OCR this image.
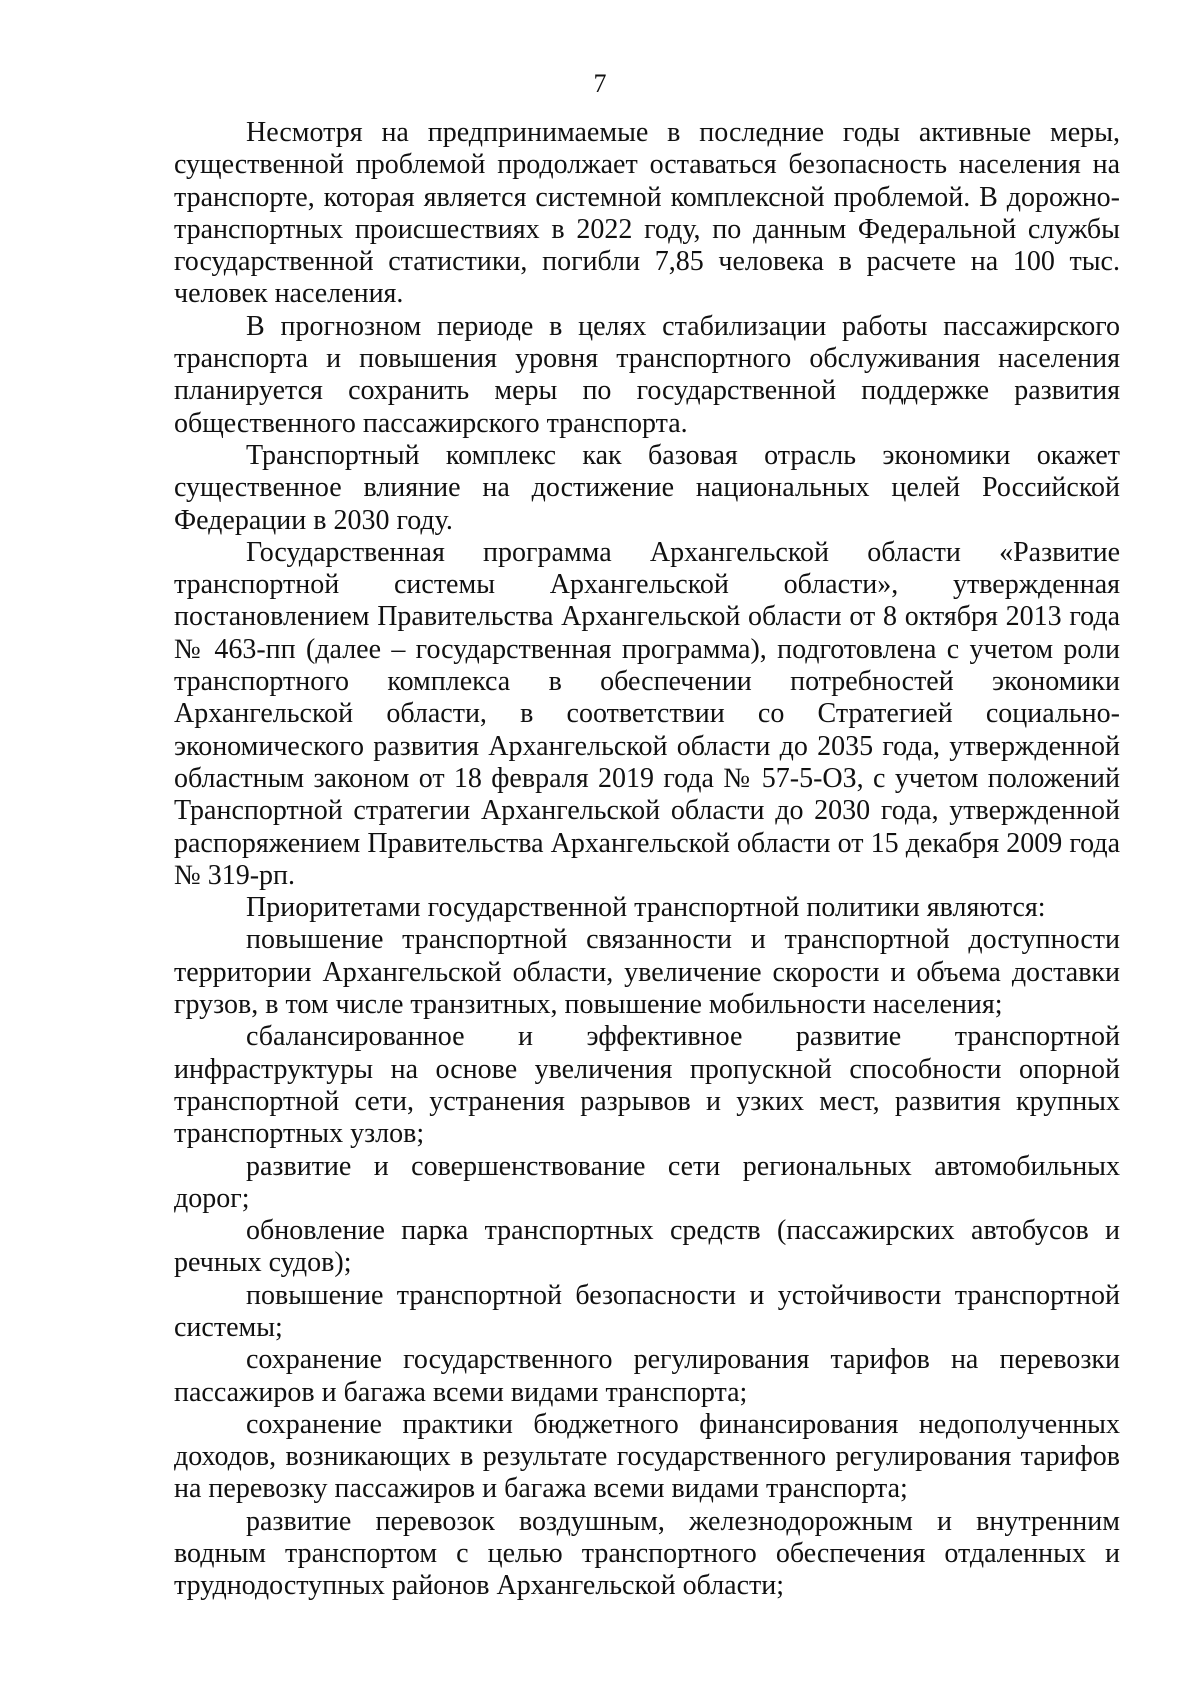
7

Несмотря на предпринимаемые в последние годы активные меры, существенной проблемой продолжает оставаться безопасность населения на транспорте, которая является системной комплексной проблемой. В дорожно-транспортных происшествиях в 2022 году, по данным Федеральной службы государственной статистики, погибли 7,85 человека в расчете на 100 тыс. человек населения.

В прогнозном периоде в целях стабилизации работы пассажирского транспорта и повышения уровня транспортного обслуживания населения планируется сохранить меры по государственной поддержке развития общественного пассажирского транспорта.

Транспортный комплекс как базовая отрасль экономики окажет существенное влияние на достижение национальных целей Российской Федерации в 2030 году.

Государственная программа Архангельской области «Развитие транспортной системы Архангельской области», утвержденная постановлением Правительства Архангельской области от 8 октября 2013 года № 463-пп (далее – государственная программа), подготовлена с учетом роли транспортного комплекса в обеспечении потребностей экономики Архангельской области, в соответствии со Стратегией социально-экономического развития Архангельской области до 2035 года, утвержденной областным законом от 18 февраля 2019 года № 57-5-ОЗ, с учетом положений Транспортной стратегии Архангельской области до 2030 года, утвержденной распоряжением Правительства Архангельской области от 15 декабря 2009 года № 319-рп.

Приоритетами государственной транспортной политики являются:

повышение транспортной связанности и транспортной доступности территории Архангельской области, увеличение скорости и объема доставки грузов, в том числе транзитных, повышение мобильности населения;

сбалансированное и эффективное развитие транспортной инфраструктуры на основе увеличения пропускной способности опорной транспортной сети, устранения разрывов и узких мест, развития крупных транспортных узлов;

развитие и совершенствование сети региональных автомобильных дорог;

обновление парка транспортных средств (пассажирских автобусов и речных судов);

повышение транспортной безопасности и устойчивости транспортной системы;

сохранение государственного регулирования тарифов на перевозки пассажиров и багажа всеми видами транспорта;

сохранение практики бюджетного финансирования недополученных доходов, возникающих в результате государственного регулирования тарифов на перевозку пассажиров и багажа всеми видами транспорта;

развитие перевозок воздушным, железнодорожным и внутренним водным транспортом с целью транспортного обеспечения отдаленных и труднодоступных районов Архангельской области;
